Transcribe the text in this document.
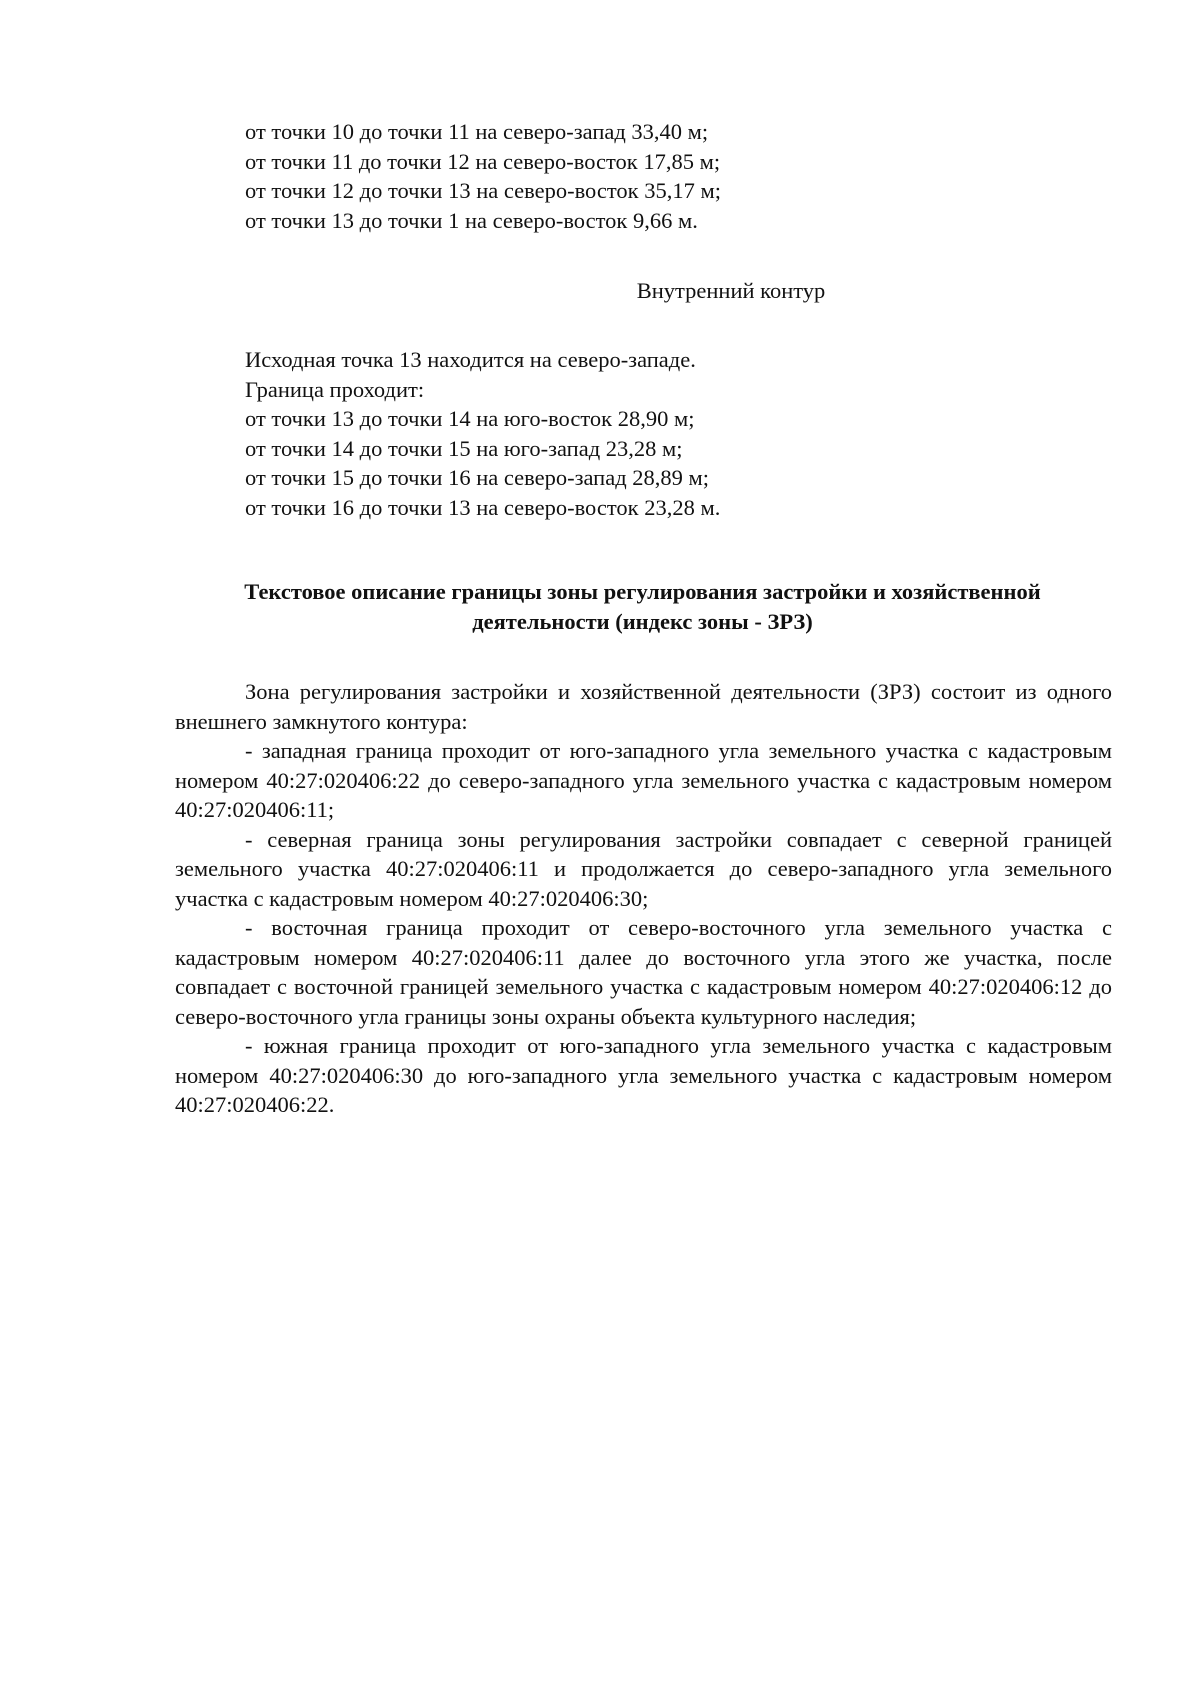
от точки 10 до точки 11 на северо-запад 33,40 м;
от точки 11 до точки 12 на северо-восток 17,85 м;
от точки 12 до точки 13 на северо-восток 35,17 м;
от точки 13 до точки 1 на северо-восток 9,66 м.
Внутренний контур
Исходная точка 13 находится на северо-западе.
Граница проходит:
от точки 13 до точки 14 на юго-восток 28,90 м;
от точки 14 до точки 15 на юго-запад 23,28 м;
от точки 15 до точки 16 на северо-запад 28,89 м;
от точки 16 до точки 13 на северо-восток 23,28 м.
Текстовое описание границы зоны регулирования застройки и хозяйственной
деятельности (индекс зоны - ЗРЗ)

Зона регулирования застройки и хозяйственной деятельности (ЗРЗ) состоит из одного внешнего замкнутого контура:

- западная граница проходит от юго-западного угла земельного участка с кадастровым номером 40:27:020406:22 до северо-западного угла земельного участка с кадастровым номером 40:27:020406:11;

- северная граница зоны регулирования застройки совпадает с северной границей земельного участка 40:27:020406:11 и продолжается до северо-западного угла земельного участка с кадастровым номером 40:27:020406:30;

- восточная граница проходит от северо-восточного угла земельного участка с кадастровым номером 40:27:020406:11 далее до восточного угла этого же участка, после совпадает с восточной границей земельного участка с кадастровым номером 40:27:020406:12 до северо-восточного угла границы зоны охраны объекта культурного наследия;

- южная граница проходит от юго-западного угла земельного участка с кадастровым номером 40:27:020406:30 до юго-западного угла земельного участка с кадастровым номером 40:27:020406:22.
